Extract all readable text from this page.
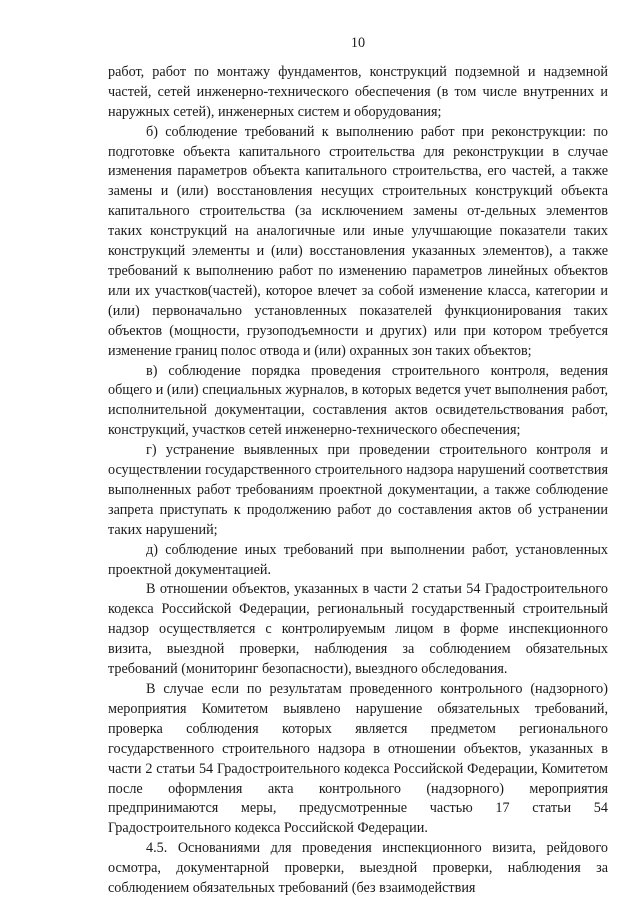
10

работ, работ по монтажу фундаментов, конструкций подземной и надземной частей, сетей инженерно-технического обеспечения (в том числе внутренних и наружных сетей), инженерных систем и оборудования;

б) соблюдение требований к выполнению работ при реконструкции: по подготовке объекта капитального строительства для реконструкции в случае изменения параметров объекта капитального строительства, его частей, а также замены и (или) восстановления несущих строительных конструкций объекта капитального строительства (за исключением замены от-дельных элементов таких конструкций на аналогичные или иные улучшающие показатели таких конструкций элементы и (или) восстановления указанных элементов), а также требований к выполнению работ по изменению параметров линейных объектов или их участков(частей), которое влечет за собой изменение класса, категории и (или) первоначально установленных показателей функционирования таких объектов (мощности, грузоподъемности и других) или при котором требуется изменение границ полос отвода и (или) охранных зон таких объектов;

в) соблюдение порядка проведения строительного контроля, ведения общего и (или) специальных журналов, в которых ведется учет выполнения работ, исполнительной документации, составления актов освидетельствования работ, конструкций, участков сетей инженерно-технического обеспечения;

г) устранение выявленных при проведении строительного контроля и осуществлении государственного строительного надзора нарушений соответствия выполненных работ требованиям проектной документации, а также соблюдение запрета приступать к продолжению работ до составления актов об устранении таких нарушений;

д) соблюдение иных требований при выполнении работ, установленных проектной документацией.

В отношении объектов, указанных в части 2 статьи 54 Градостроительного кодекса Российской Федерации, региональный государственный строительный надзор осуществляется с контролируемым лицом в форме инспекционного визита, выездной проверки, наблюдения за соблюдением обязательных требований (мониторинг безопасности), выездного обследования.

В случае если по результатам проведенного контрольного (надзорного) мероприятия Комитетом выявлено нарушение обязательных требований, проверка соблюдения которых является предметом регионального государственного строительного надзора в отношении объектов, указанных в части 2 статьи 54 Градостроительного кодекса Российской Федерации, Комитетом после оформления акта контрольного (надзорного) мероприятия предпринимаются меры, предусмотренные частью 17 статьи 54 Градостроительного кодекса Российской Федерации.

4.5. Основаниями для проведения инспекционного визита, рейдового осмотра, документарной проверки, выездной проверки, наблюдения за соблюдением обязательных требований (без взаимодействия
